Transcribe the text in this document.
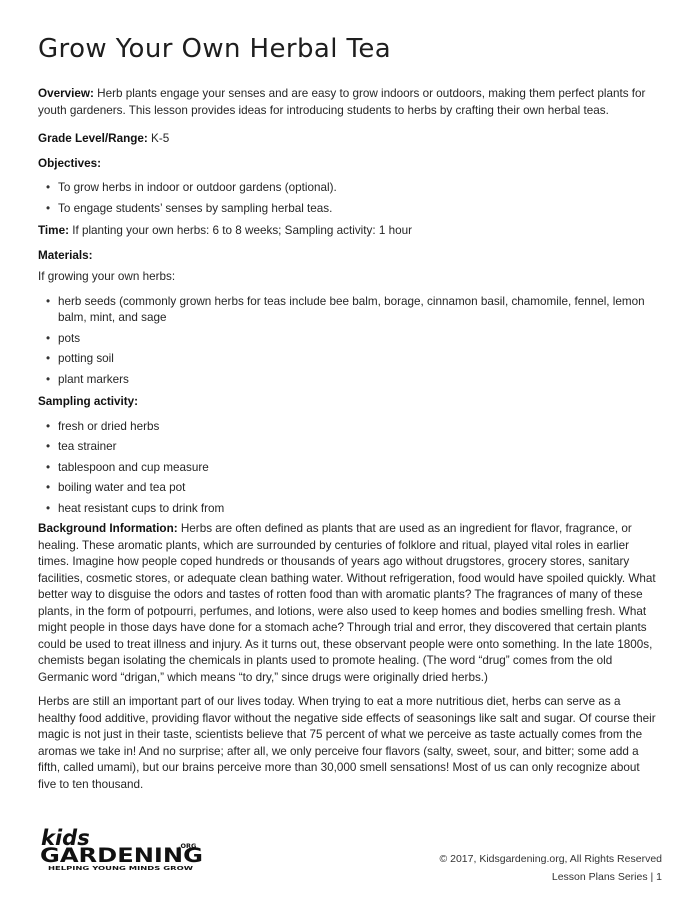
Grow Your Own Herbal Tea

Overview: Herb plants engage your senses and are easy to grow indoors or outdoors, making them perfect plants for youth gardeners. This lesson provides ideas for introducing students to herbs by crafting their own herbal teas.

Grade Level/Range: K-5

Objectives:

• To grow herbs in indoor or outdoor gardens (optional).
• To engage students’ senses by sampling herbal teas.

Time: If planting your own herbs: 6 to 8 weeks; Sampling activity: 1 hour

Materials:

If growing your own herbs:

• herb seeds (commonly grown herbs for teas include bee balm, borage, cinnamon basil, chamomile, fennel, lemon balm, mint, and sage
• pots
• potting soil
• plant markers

Sampling activity:

• fresh or dried herbs
• tea strainer
• tablespoon and cup measure
• boiling water and tea pot
• heat resistant cups to drink from

Background Information: Herbs are often defined as plants that are used as an ingredient for flavor, fragrance, or healing. These aromatic plants, which are surrounded by centuries of folklore and ritual, played vital roles in earlier times. Imagine how people coped hundreds or thousands of years ago without drugstores, grocery stores, sanitary facilities, cosmetic stores, or adequate clean bathing water. Without refrigeration, food would have spoiled quickly. What better way to disguise the odors and tastes of rotten food than with aromatic plants? The fragrances of many of these plants, in the form of potpourri, perfumes, and lotions, were also used to keep homes and bodies smelling fresh. What might people in those days have done for a stomach ache? Through trial and error, they discovered that certain plants could be used to treat illness and injury. As it turns out, these observant people were onto something. In the late 1800s, chemists began isolating the chemicals in plants used to promote healing. (The word “drug” comes from the old Germanic word “drigan,” which means “to dry,” since drugs were originally dried herbs.)

Herbs are still an important part of our lives today. When trying to eat a more nutritious diet, herbs can serve as a healthy food additive, providing flavor without the negative side effects of seasonings like salt and sugar. Of course their magic is not just in their taste, scientists believe that 75 percent of what we perceive as taste actually comes from the aromas we take in! And no surprise; after all, we only perceive four flavors (salty, sweet, sour, and bitter; some add a fifth, called umami), but our brains perceive more than 30,000 smell sensations! Most of us can only recognize about five to ten thousand.

kids	.ORG
GARDENING
HELPING YOUNG MINDS GROW
© 2017, Kidsgardening.org, All Rights Reserved
Lesson Plans Series | 1
